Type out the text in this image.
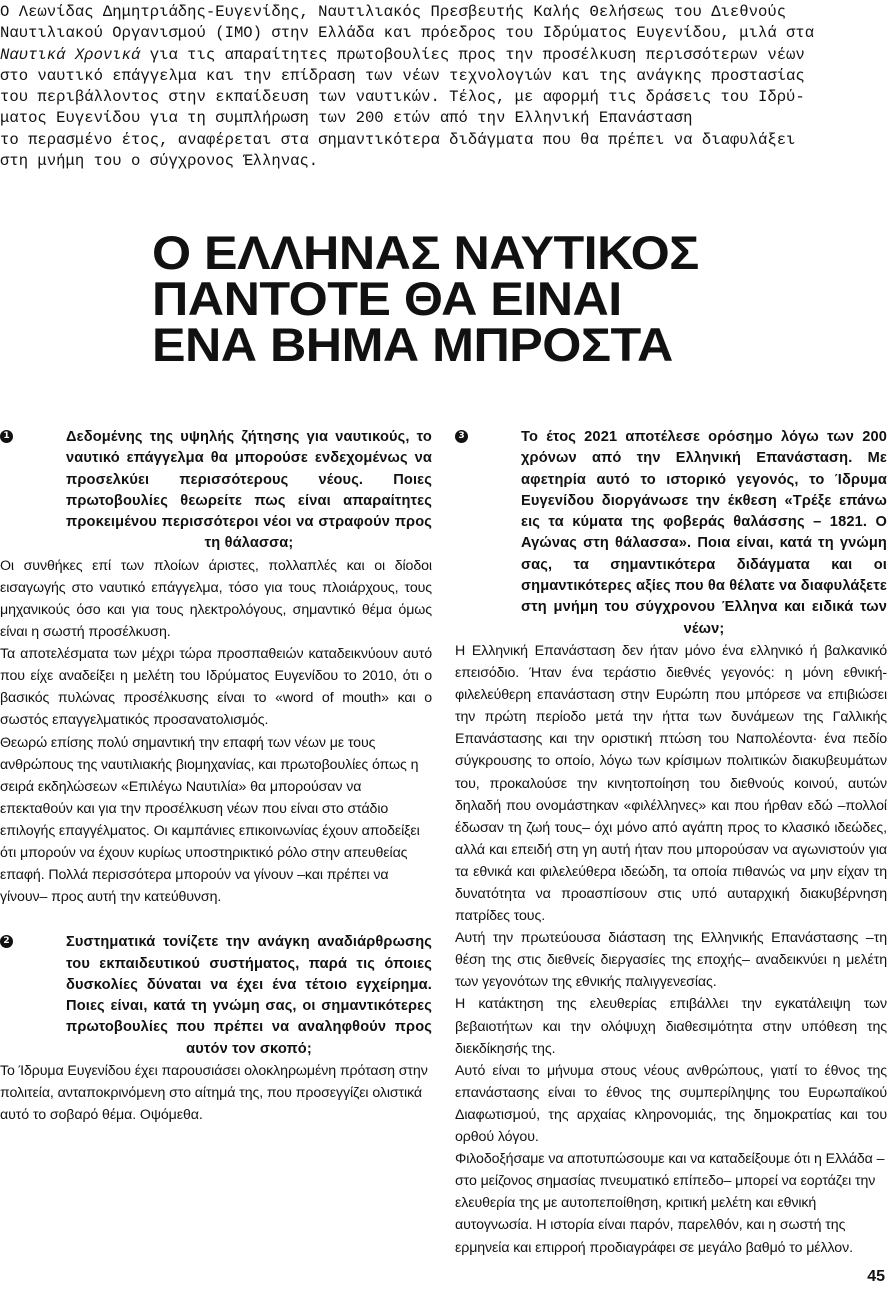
Ο Λεωνίδας Δημητριάδης-Ευγενίδης, Ναυτιλιακός Πρεσβευτής Καλής Θελήσεως του Διεθνούς
Ναυτιλιακού Οργανισμού (IMO) στην Ελλάδα και πρόεδρος του Ιδρύματος Ευγενίδου, μιλά στα
Ναυτικά Χρονικά για τις απαραίτητες πρωτοβουλίες προς την προσέλκυση περισσότερων νέων
στο ναυτικό επάγγελμα και την επίδραση των νέων τεχνολογιών και της ανάγκης προστασίας
του περιβάλλοντος στην εκπαίδευση των ναυτικών. Τέλος, με αφορμή τις δράσεις του Ιδρύ-
ματος Ευγενίδου για τη συμπλήρωση των 200 ετών από την Ελληνική Επανάσταση
το περασμένο έτος, αναφέρεται στα σημαντικότερα διδάγματα που θα πρέπει να διαφυλάξει
στη μνήμη του ο σύγχρονος Έλληνας.
Ο ΕΛΛΗΝΑΣ ΝΑΥΤΙΚΟΣ
ΠΑΝΤΟΤΕ ΘΑ ΕΙΝΑΙ
ΕΝΑ ΒΗΜΑ ΜΠΡΟΣΤΑ
1	Δεδομένης της υψηλής ζήτησης για ναυτικούς, το ναυτικό επάγγελμα θα μπορούσε ενδεχομένως να προσελκύει περισσότερους νέους. Ποιες πρωτοβουλίες θεωρείτε πως είναι απαραίτητες προκειμένου περισσότεροι νέοι να στραφούν προς τη θάλασσα;

Οι συνθήκες επί των πλοίων άριστες, πολλαπλές και οι δίοδοι εισαγωγής στο ναυτικό επάγγελμα, τόσο για τους πλοιάρχους, τους μηχανικούς όσο και για τους ηλεκτρολόγους, σημαντικό θέμα όμως είναι η σωστή προσέλκυση.

Τα αποτελέσματα των μέχρι τώρα προσπαθειών καταδεικνύουν αυτό που είχε αναδείξει η μελέτη του Ιδρύματος Ευγενίδου το 2010, ότι ο βασικός πυλώνας προσέλκυσης είναι το «word of mouth» και ο σωστός επαγγελματικός προσανατολισμός.

Θεωρώ επίσης πολύ σημαντική την επαφή των νέων με τους ανθρώπους της ναυτιλιακής βιομηχανίας, και πρωτοβουλίες όπως η σειρά εκδηλώσεων «Επιλέγω Ναυτιλία» θα μπορούσαν να επεκταθούν και για την προσέλκυση νέων που είναι στο στάδιο επιλογής επαγγέλματος. Οι καμπάνιες επικοινωνίας έχουν αποδείξει ότι μπορούν να έχουν κυρίως υποστηρικτικό ρόλο στην απευθείας επαφή. Πολλά περισσότερα μπορούν να γίνουν –και πρέπει να γίνουν– προς αυτή την κατεύθυνση.

2	Συστηματικά τονίζετε την ανάγκη αναδιάρθρωσης του εκπαιδευτικού συστήματος, παρά τις όποιες δυσκολίες δύναται να έχει ένα τέτοιο εγχείρημα. Ποιες είναι, κατά τη γνώμη σας, οι σημαντικότερες πρωτοβουλίες που πρέπει να αναληφθούν προς αυτόν τον σκοπό;

Το Ίδρυμα Ευγενίδου έχει παρουσιάσει ολοκληρωμένη πρόταση στην πολιτεία, ανταποκρινόμενη στο αίτημά της, που προσεγγίζει ολιστικά αυτό το σοβαρό θέμα. Οψόμεθα.

3	Το έτος 2021 αποτέλεσε ορόσημο λόγω των 200 χρόνων από την Ελληνική Επανάσταση. Με αφετηρία αυτό το ιστορικό γεγονός, το Ίδρυμα Ευγενίδου διοργάνωσε την έκθεση «Τρέξε επάνω εις τα κύματα της φοβεράς θαλάσσης – 1821. Ο Αγώνας στη θάλασσα». Ποια είναι, κατά τη γνώμη σας, τα σημαντικότερα διδάγματα και οι σημαντικότερες αξίες που θα θέλατε να διαφυλάξετε στη μνήμη του σύγχρονου Έλληνα και ειδικά των νέων;

Η Ελληνική Επανάσταση δεν ήταν μόνο ένα ελληνικό ή βαλκανικό επεισόδιο. Ήταν ένα τεράστιο διεθνές γεγονός: η μόνη εθνική-φιλελεύθερη επανάσταση στην Ευρώπη που μπόρεσε να επιβιώσει την πρώτη περίοδο μετά την ήττα των δυνάμεων της Γαλλικής Επανάστασης και την οριστική πτώση του Ναπολέοντα· ένα πεδίο σύγκρουσης το οποίο, λόγω των κρίσιμων πολιτικών διακυβευμάτων του, προκαλούσε την κινητοποίηση του διεθνούς κοινού, αυτών δηλαδή που ονομάστηκαν «φιλέλληνες» και που ήρθαν εδώ –πολλοί έδωσαν τη ζωή τους– όχι μόνο από αγάπη προς το κλασικό ιδεώδες, αλλά και επειδή στη γη αυτή ήταν που μπορούσαν να αγωνιστούν για τα εθνικά και φιλελεύθερα ιδεώδη, τα οποία πιθανώς να μην είχαν τη δυνατότητα να προασπίσουν στις υπό αυταρχική διακυβέρνηση πατρίδες τους.

Αυτή την πρωτεύουσα διάσταση της Ελληνικής Επανάστασης –τη θέση της στις διεθνείς διεργασίες της εποχής– αναδεικνύει η μελέτη των γεγονότων της εθνικής παλιγγενεσίας.

Η κατάκτηση της ελευθερίας επιβάλλει την εγκατάλειψη των βεβαιοτήτων και την ολόψυχη διαθεσιμότητα στην υπόθεση της διεκδίκησής της.

Αυτό είναι το μήνυμα στους νέους ανθρώπους, γιατί το έθνος της επανάστασης είναι το έθνος της συμπερίληψης του Ευρωπαϊκού Διαφωτισμού, της αρχαίας κληρονομιάς, της δημοκρατίας και του ορθού λόγου.

Φιλοδοξήσαμε να αποτυπώσουμε και να καταδείξουμε ότι η Ελλάδα –στο μείζονος σημασίας πνευματικό επίπεδο– μπορεί να εορτάζει την ελευθερία της με αυτοπεποίθηση, κριτική μελέτη και εθνική αυτογνωσία. Η ιστορία είναι παρόν, παρελθόν, και η σωστή της ερμηνεία και επιρροή προδιαγράφει σε μεγάλο βαθμό το μέλλον.

45
